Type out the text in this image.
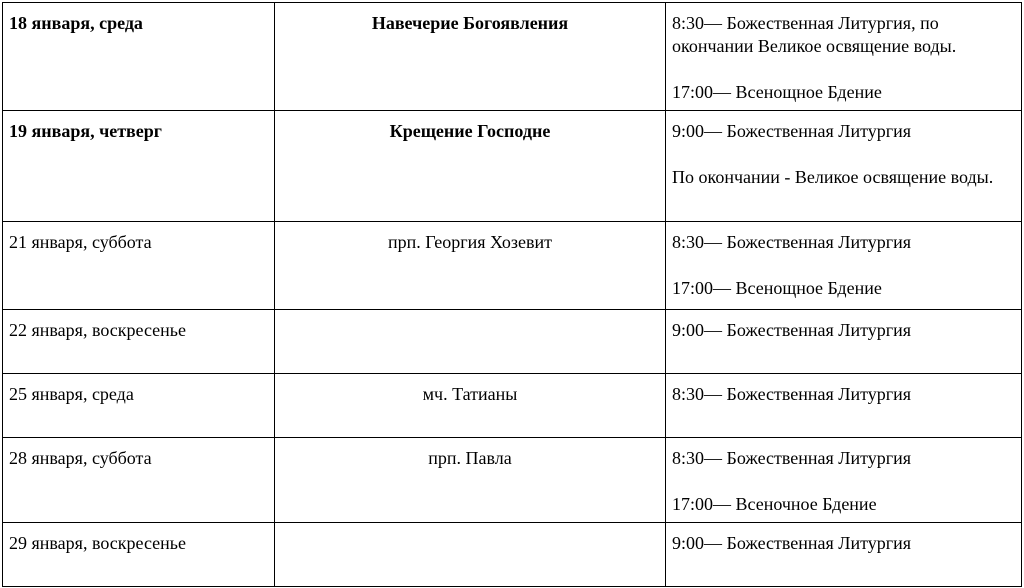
18 января, среда	Навечерие Богоявления	8:30— Божественная Литургия, по окончании Великое освящение воды.

17:00— Всенощное Бдение

19 января, четверг	Крещение Господне	9:00— Божественная Литургия

По окончании - Великое освящение воды.

21 января, суббота	прп. Георгия Хозевит	8:30— Божественная Литургия

17:00— Всенощное Бдение

22 января, воскресенье		9:00— Божественная Литургия

25 января, среда	мч. Татианы	8:30— Божественная Литургия

28 января, суббота	прп. Павла	8:30— Божественная Литургия

17:00— Всеночное Бдение

29 января, воскресенье		9:00— Божественная Литургия
